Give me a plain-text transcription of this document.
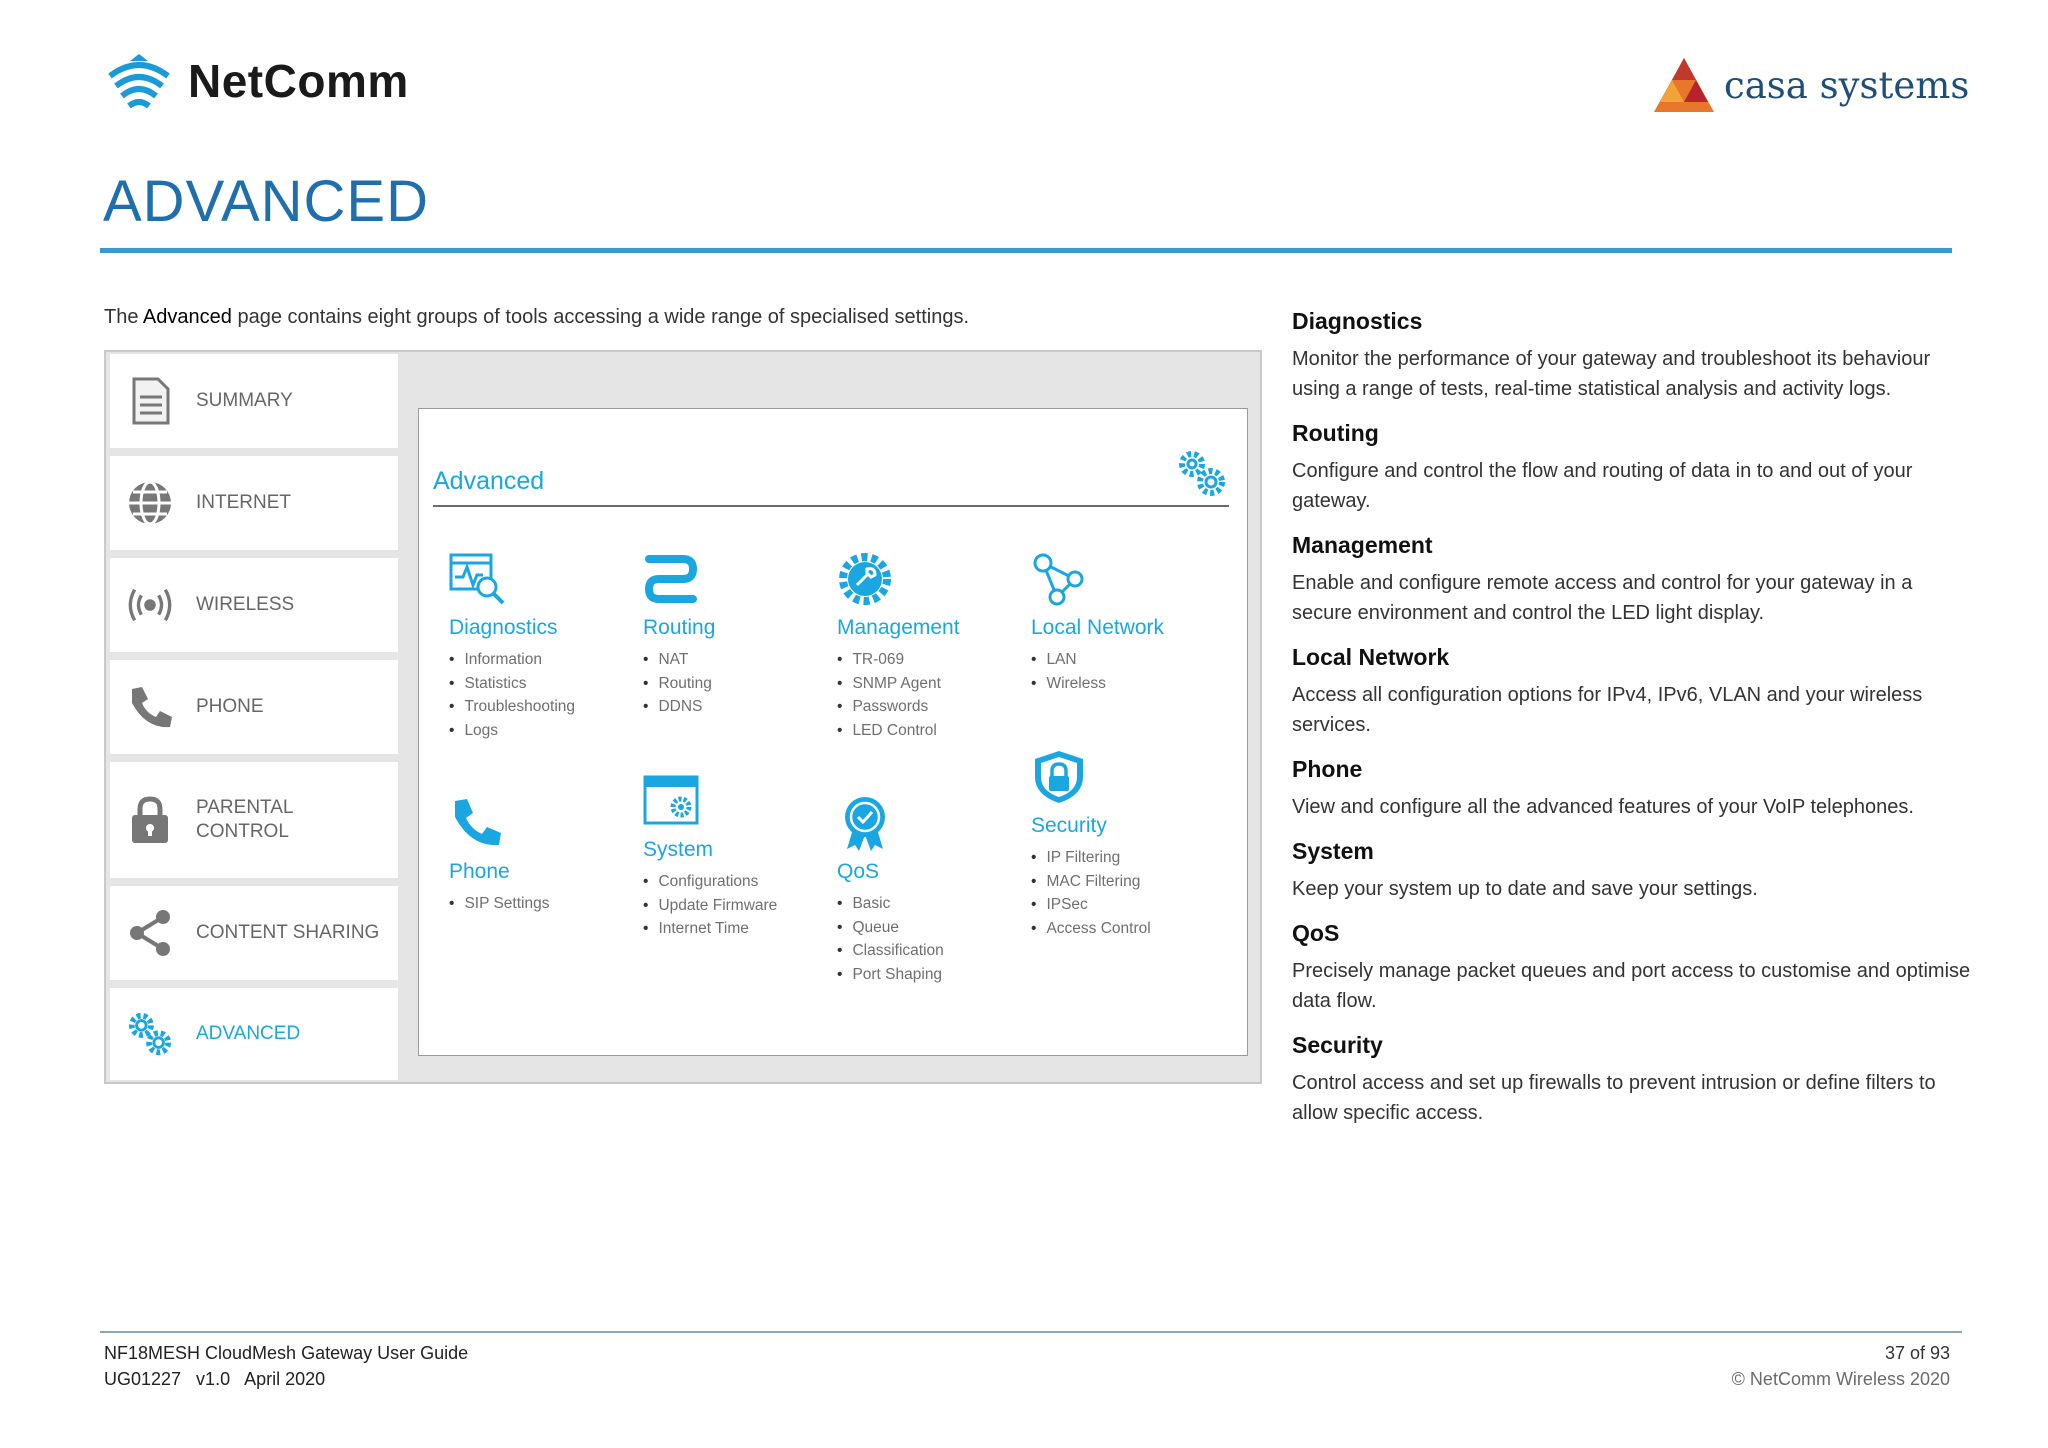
NetComm	casa systems
ADVANCED
The Advanced page contains eight groups of tools accessing a wide range of specialised settings.
SUMMARY
INTERNET
WIRELESS
PHONE
PARENTAL
CONTROL
CONTENT SHARING
ADVANCED
Advanced
Diagnostics
• Information
• Statistics
• Troubleshooting
• Logs
Routing
• NAT
• Routing
• DDNS
Management
• TR-069
• SNMP Agent
• Passwords
• LED Control
Local Network
• LAN
• Wireless
Phone
• SIP Settings
System
• Configurations
• Update Firmware
• Internet Time
QoS
• Basic
• Queue
• Classification
• Port Shaping
Security
• IP Filtering
• MAC Filtering
• IPSec
• Access Control
Diagnostics

Monitor the performance of your gateway and troubleshoot its behaviour using a range of tests, real-time statistical analysis and activity logs.

Routing

Configure and control the flow and routing of data in to and out of your gateway.

Management

Enable and configure remote access and control for your gateway in a secure environment and control the LED light display.

Local Network

Access all configuration options for IPv4, IPv6, VLAN and your wireless services.

Phone

View and configure all the advanced features of your VoIP telephones.

System

Keep your system up to date and save your settings.

QoS

Precisely manage packet queues and port access to customise and optimise data flow.

Security

Control access and set up firewalls to prevent intrusion or define filters to allow specific access.

NF18MESH CloudMesh Gateway User Guide
UG01227   v1.0   April 2020
37 of 93
© NetComm Wireless 2020
